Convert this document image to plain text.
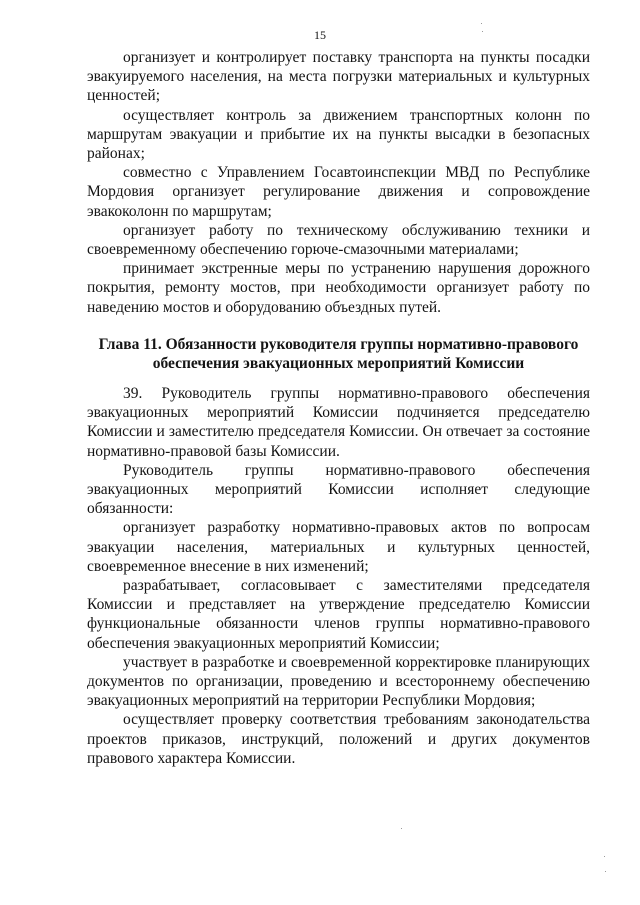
15

организует и контролирует поставку транспорта на пункты посадки эвакуируемого населения, на места погрузки материальных и культурных ценностей;

осуществляет контроль за движением транспортных колонн по маршрутам эвакуации и прибытие их на пункты высадки в безопасных районах;

совместно с Управлением Госавтоинспекции МВД по Республике Мордовия организует регулирование движения и сопровождение эвакоколонн по маршрутам;

организует работу по техническому обслуживанию техники и своевременному обеспечению горюче-смазочными материалами;

принимает экстренные меры по устранению нарушения дорожного покрытия, ремонту мостов, при необходимости организует работу по наведению мостов и оборудованию объездных путей.

Глава 11. Обязанности руководителя группы нормативно-правового обеспечения эвакуационных мероприятий Комиссии

39. Руководитель группы нормативно-правового обеспечения эвакуационных мероприятий Комиссии подчиняется председателю Комиссии и заместителю председателя Комиссии. Он отвечает за состояние нормативно-правовой базы Комиссии.

Руководитель группы нормативно-правового обеспечения эвакуационных мероприятий Комиссии исполняет следующие обязанности:

организует разработку нормативно-правовых актов по вопросам эвакуации населения, материальных и культурных ценностей, своевременное внесение в них изменений;

разрабатывает, согласовывает с заместителями председателя Комиссии и представляет на утверждение председателю Комиссии функциональные обязанности членов группы нормативно-правового обеспечения эвакуационных мероприятий Комиссии;

участвует в разработке и своевременной корректировке планирующих документов по организации, проведению и всестороннему обеспечению эвакуационных мероприятий на территории Республики Мордовия;

осуществляет проверку соответствия требованиям законодательства проектов приказов, инструкций, положений и других документов правового характера Комиссии.
